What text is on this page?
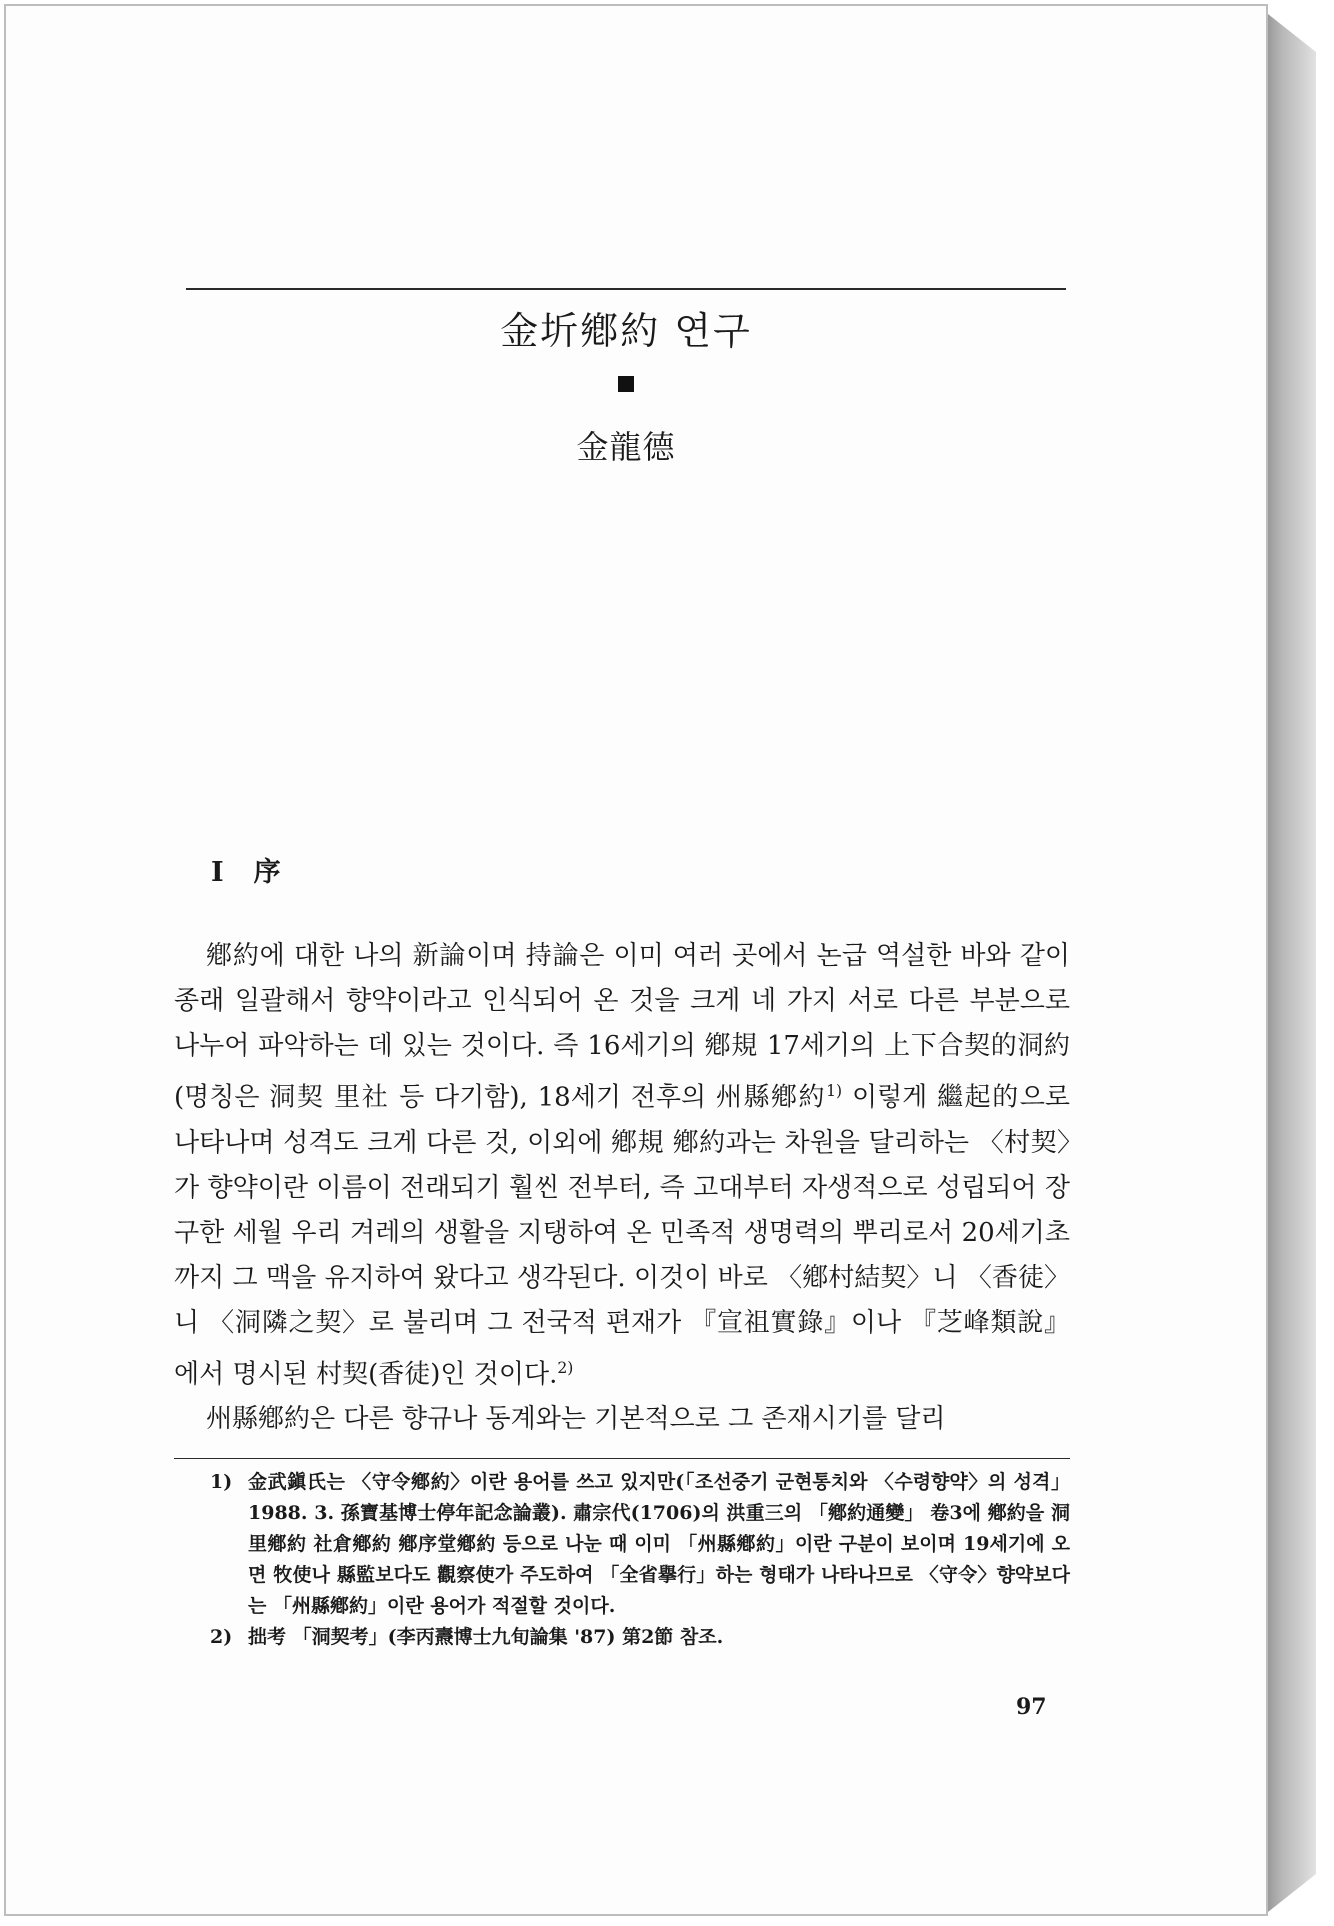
金圻鄕約 연구
金龍德
Ⅰ 序

鄕約에 대한 나의 新論이며 持論은 이미 여러 곳에서 논급 역설한 바와 같이 종래 일괄해서 향약이라고 인식되어 온 것을 크게 네 가지 서로 다른 부분으로 나누어 파악하는 데 있는 것이다. 즉 16세기의 鄕規 17세기의 上下合契的洞約(명칭은 洞契 里社 등 다기함), 18세기 전후의 州縣鄕約$^{1)}$ 이렇게 繼起的으로 나타나며 성격도 크게 다른 것, 이외에 鄕規 鄕約과는 차원을 달리하는 〈村契〉가 향약이란 이름이 전래되기 훨씬 전부터, 즉 고대부터 자생적으로 성립되어 장구한 세월 우리 겨레의 생활을 지탱하여 온 민족적 생명력의 뿌리로서 20세기초까지 그 맥을 유지하여 왔다고 생각된다. 이것이 바로 〈鄕村結契〉니 〈香徒〉니 〈洞隣之契〉로 불리며 그 전국적 편재가 『宣祖實錄』이나 『芝峰類說』에서 명시된 村契(香徒)인 것이다.$^{2)}$

州縣鄕約은 다른 향규나 동계와는 기본적으로 그 존재시기를 달리

1) 金武鎭氏는 〈守令鄕約〉이란 용어를 쓰고 있지만(「조선중기 군현통치와 〈수령향약〉의 성격」 1988. 3. 孫寶基博士停年記念論叢). 肅宗代(1706)의 洪重三의 「鄕約通變」 卷3에 鄕約을 洞里鄕約 社倉鄕約 鄕序堂鄕約 등으로 나눈 때 이미 「州縣鄕約」이란 구분이 보이며 19세기에 오면 牧使나 縣監보다도 觀察使가 주도하여 「全省擧行」하는 형태가 나타나므로 〈守令〉향약보다는 「州縣鄕約」이란 용어가 적절할 것이다.
2) 拙考 「洞契考」(李丙燾博士九旬論集 '87) 第2節 참조.
97
